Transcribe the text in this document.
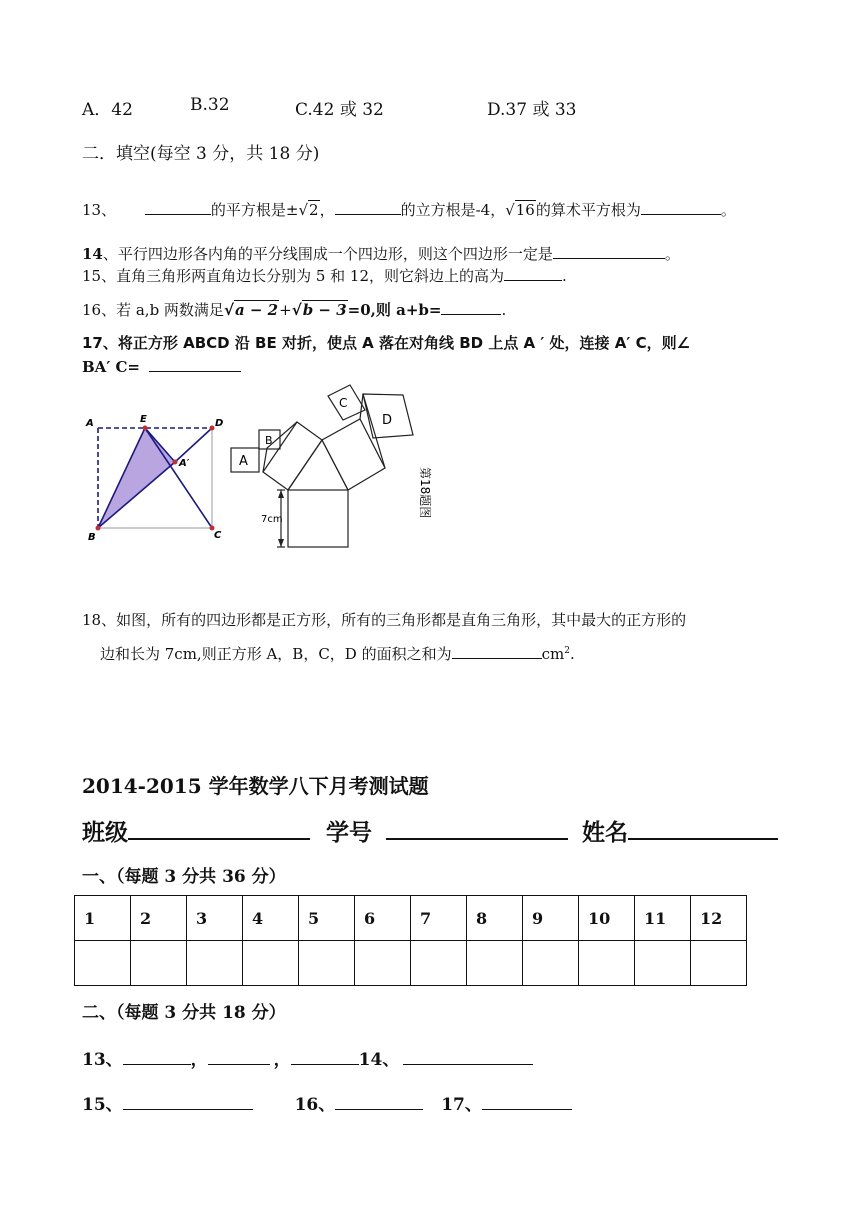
A．42	B.32	C.42 或 32	D.37 或 33
二．填空(每空 3 分，共 18 分)
13、	的平方根是±√2，	的立方根是-4，√16的算术平方根为	。
14、平行四边形各内角的平分线围成一个四边形，则这个四边形一定是	。
15、直角三角形两直角边长分别为 5 和 12，则它斜边上的高为	.
16、若 a,b 两数满足√a − 2+√b − 3=0,则 a+b=	.
17、将正方形 ABCD 沿 BE 对折，使点 A 落在对角线 BD 上点 A ′ 处，连接 A′ C，则∠
BA′ C=
A	E	D
A′
B	C
A
B
C
D
7cm
第18题图
18、如图，所有的四边形都是正方形，所有的三角形都是直角三角形，其中最大的正方形的
边和长为 7cm,则正方形 A，B，C，D 的面积之和为	$cm^2$.
2014-2015 学年数学八下月考测试题
班级	学号	姓名
一、（每题 3 分共 36 分）
1	2	3	4	5	6	7	8	9	10	11	12

二、（每题 3 分共 18 分）
13、	，	，	14、
15、	16、	17、
